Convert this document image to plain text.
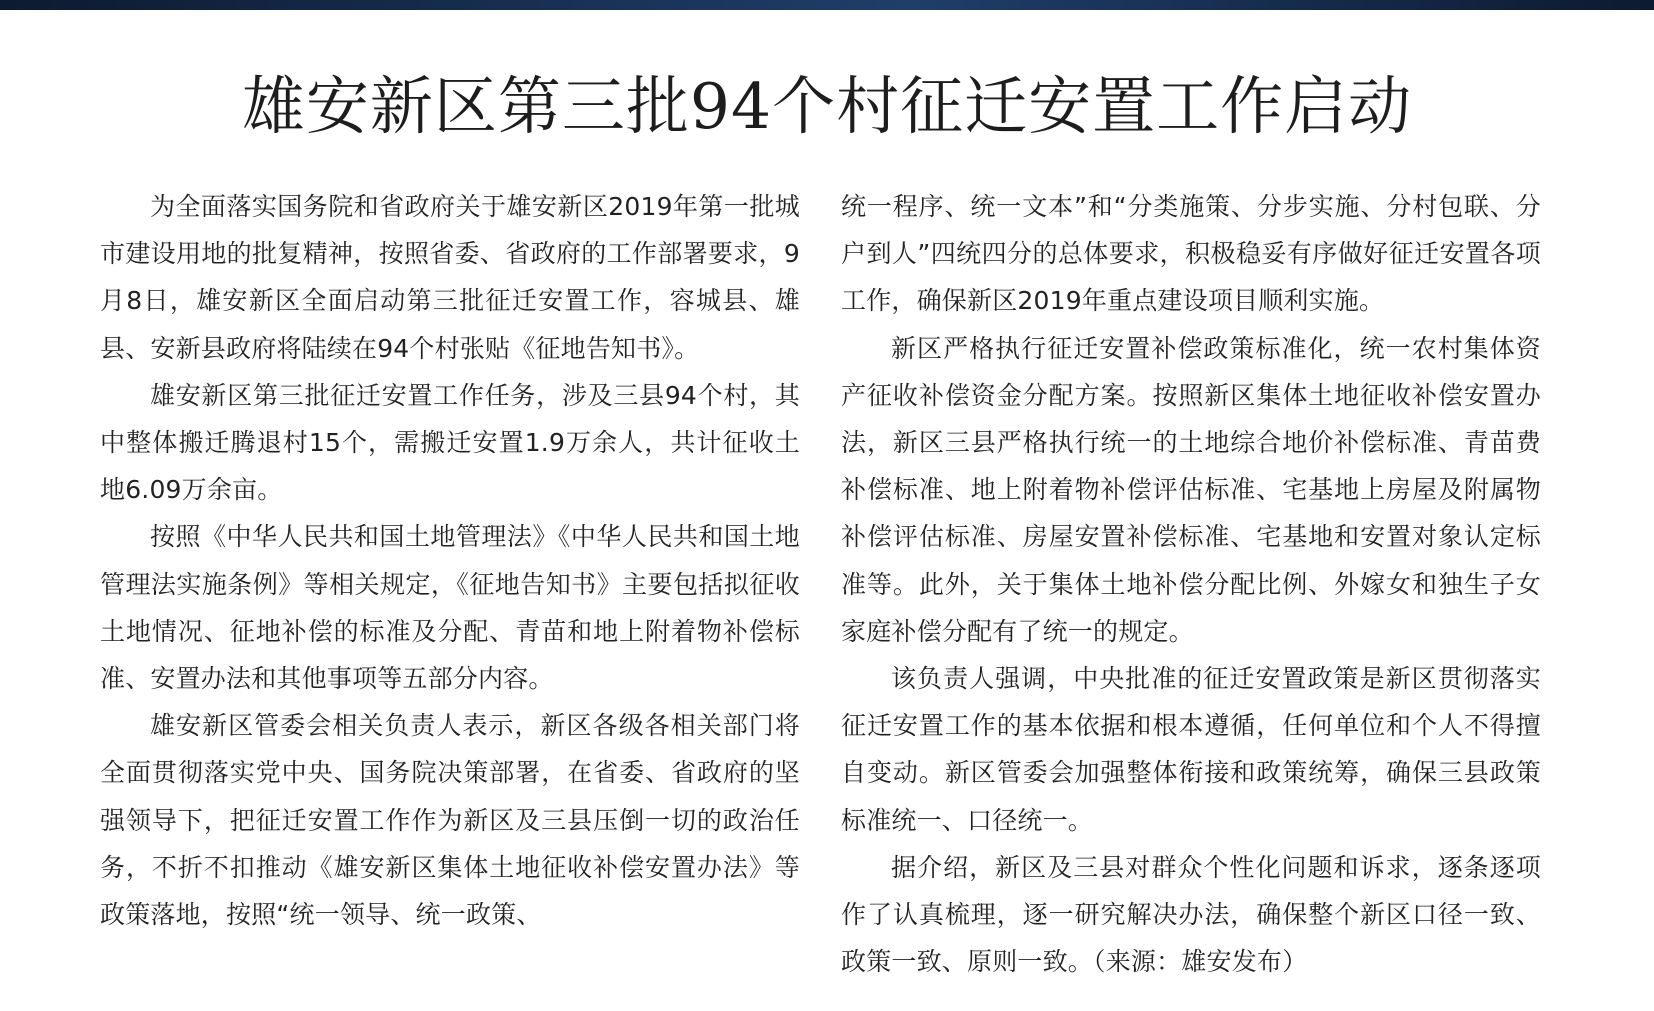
雄安新区第三批94个村征迁安置工作启动

为全面落实国务院和省政府关于雄安新区2019年第一批城市建设用地的批复精神，按照省委、省政府的工作部署要求，9月8日，雄安新区全面启动第三批征迁安置工作，容城县、雄县、安新县政府将陆续在94个村张贴《征地告知书》。

雄安新区第三批征迁安置工作任务，涉及三县94个村，其中整体搬迁腾退村15个，需搬迁安置1.9万余人，共计征收土地6.09万余亩。

按照《中华人民共和国土地管理法》《中华人民共和国土地管理法实施条例》等相关规定，《征地告知书》主要包括拟征收土地情况、征地补偿的标准及分配、青苗和地上附着物补偿标准、安置办法和其他事项等五部分内容。

雄安新区管委会相关负责人表示，新区各级各相关部门将全面贯彻落实党中央、国务院决策部署，在省委、省政府的坚强领导下，把征迁安置工作作为新区及三县压倒一切的政治任务，不折不扣推动《雄安新区集体土地征收补偿安置办法》等政策落地，按照“统一领导、统一政策、

统一程序、统一文本”和“分类施策、分步实施、分村包联、分户到人”四统四分的总体要求，积极稳妥有序做好征迁安置各项工作，确保新区2019年重点建设项目顺利实施。

新区严格执行征迁安置补偿政策标准化，统一农村集体资产征收补偿资金分配方案。按照新区集体土地征收补偿安置办法，新区三县严格执行统一的土地综合地价补偿标准、青苗费补偿标准、地上附着物补偿评估标准、宅基地上房屋及附属物补偿评估标准、房屋安置补偿标准、宅基地和安置对象认定标准等。此外，关于集体土地补偿分配比例、外嫁女和独生子女家庭补偿分配有了统一的规定。

该负责人强调，中央批准的征迁安置政策是新区贯彻落实征迁安置工作的基本依据和根本遵循，任何单位和个人不得擅自变动。新区管委会加强整体衔接和政策统筹，确保三县政策标准统一、口径统一。

据介绍，新区及三县对群众个性化问题和诉求，逐条逐项作了认真梳理，逐一研究解决办法，确保整个新区口径一致、政策一致、原则一致。（来源：雄安发布）
